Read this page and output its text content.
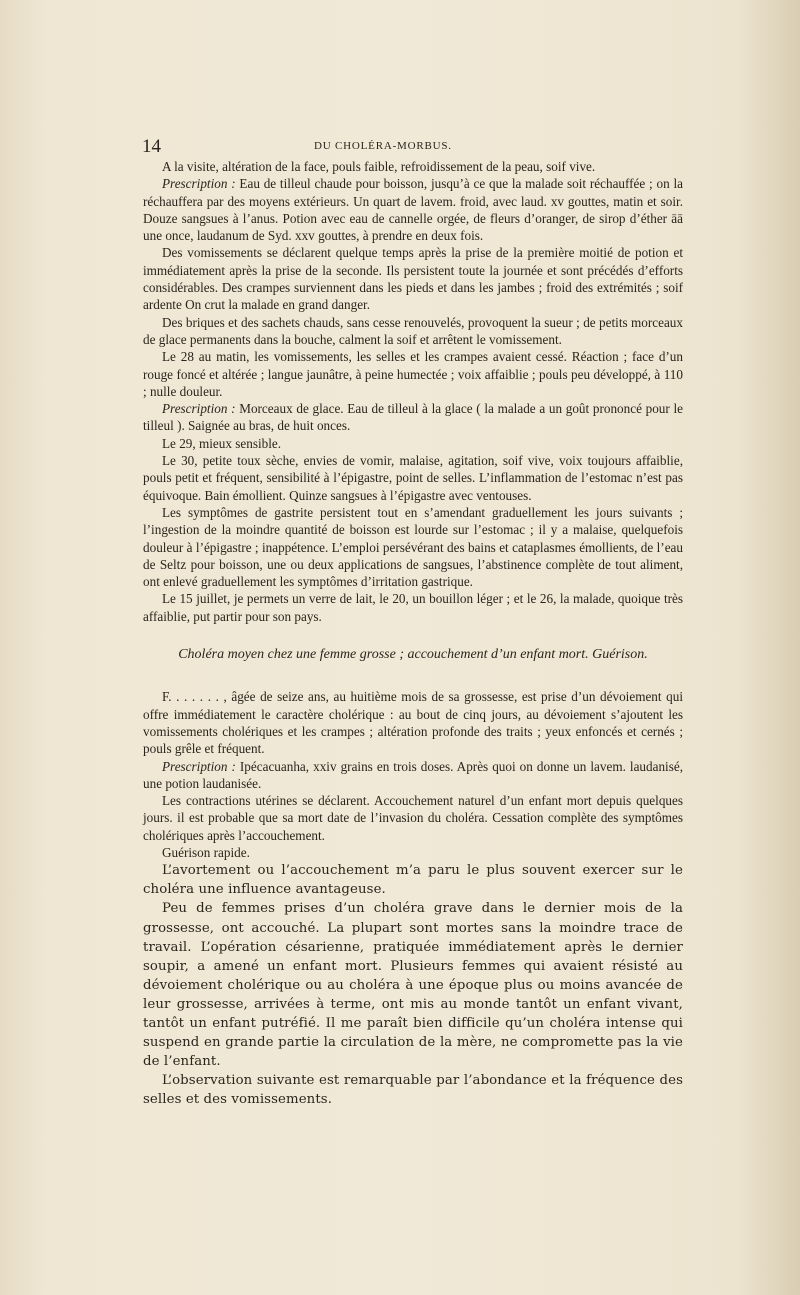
14	DU CHOLÉRA-MORBUS.

A la visite, altération de la face, pouls faible, refroidissement de la peau, soif vive.

Prescription : Eau de tilleul chaude pour boisson, jusqu’à ce que la malade soit réchauffée ; on la réchauffera par des moyens extérieurs. Un quart de lavem. froid, avec laud. xv gouttes, matin et soir. Douze sangsues à l’anus. Potion avec eau de cannelle orgée, de fleurs d’oranger, de sirop d’éther āā une once, laudanum de Syd. xxv gouttes, à prendre en deux fois.

Des vomissements se déclarent quelque temps après la prise de la première moitié de potion et immédiatement après la prise de la seconde. Ils persistent toute la journée et sont précédés d’efforts considérables. Des crampes surviennent dans les pieds et dans les jambes ; froid des extrémités ; soif ardente On crut la malade en grand danger.

Des briques et des sachets chauds, sans cesse renouvelés, provoquent la sueur ; de petits morceaux de glace permanents dans la bouche, calment la soif et arrêtent le vomissement.

Le 28 au matin, les vomissements, les selles et les crampes avaient cessé. Réaction ; face d’un rouge foncé et altérée ; langue jaunâtre, à peine humectée ; voix affaiblie ; pouls peu développé, à 110 ; nulle douleur.

Prescription : Morceaux de glace. Eau de tilleul à la glace ( la malade a un goût prononcé pour le tilleul ). Saignée au bras, de huit onces.

Le 29, mieux sensible.

Le 30, petite toux sèche, envies de vomir, malaise, agitation, soif vive, voix toujours affaiblie, pouls petit et fréquent, sensibilité à l’épigastre, point de selles. L’inflammation de l’estomac n’est pas équivoque. Bain émollient. Quinze sangsues à l’épigastre avec ventouses.

Les symptômes de gastrite persistent tout en s’amendant graduellement les jours suivants ; l’ingestion de la moindre quantité de boisson est lourde sur l’estomac ; il y a malaise, quelquefois douleur à l’épigastre ; inappétence. L’emploi persévérant des bains et cataplasmes émollients, de l’eau de Seltz pour boisson, une ou deux applications de sangsues, l’abstinence complète de tout aliment, ont enlevé graduellement les symptômes d’irritation gastrique.

Le 15 juillet, je permets un verre de lait, le 20, un bouillon léger ; et le 26, la malade, quoique très affaiblie, put partir pour son pays.

Choléra moyen chez une femme grosse ; accouchement d’un enfant mort. Guérison.

F. . . . . . . , âgée de seize ans, au huitième mois de sa grossesse, est prise d’un dévoiement qui offre immédiatement le caractère cholérique : au bout de cinq jours, au dévoiement s’ajoutent les vomissements cholériques et les crampes ; altération profonde des traits ; yeux enfoncés et cernés ; pouls grêle et fréquent.

Prescription : Ipécacuanha, xxiv grains en trois doses. Après quoi on donne un lavem. laudanisé, une potion laudanisée.

Les contractions utérines se déclarent. Accouchement naturel d’un enfant mort depuis quelques jours. il est probable que sa mort date de l’invasion du choléra. Cessation complète des symptômes cholériques après l’accouchement.

Guérison rapide.

L’avortement ou l’accouchement m’a paru le plus souvent exercer sur le choléra une influence avantageuse.

Peu de femmes prises d’un choléra grave dans le dernier mois de la grossesse, ont accouché. La plupart sont mortes sans la moindre trace de travail. L’opération césarienne, pratiquée immédiatement après le dernier soupir, a amené un enfant mort. Plusieurs femmes qui avaient résisté au dévoiement cholérique ou au choléra à une époque plus ou moins avancée de leur grossesse, arrivées à terme, ont mis au monde tantôt un enfant vivant, tantôt un enfant putréfié. Il me paraît bien difficile qu’un choléra intense qui suspend en grande partie la circulation de la mère, ne compromette pas la vie de l’enfant.

L’observation suivante est remarquable par l’abondance et la fréquence des selles et des vomissements.
